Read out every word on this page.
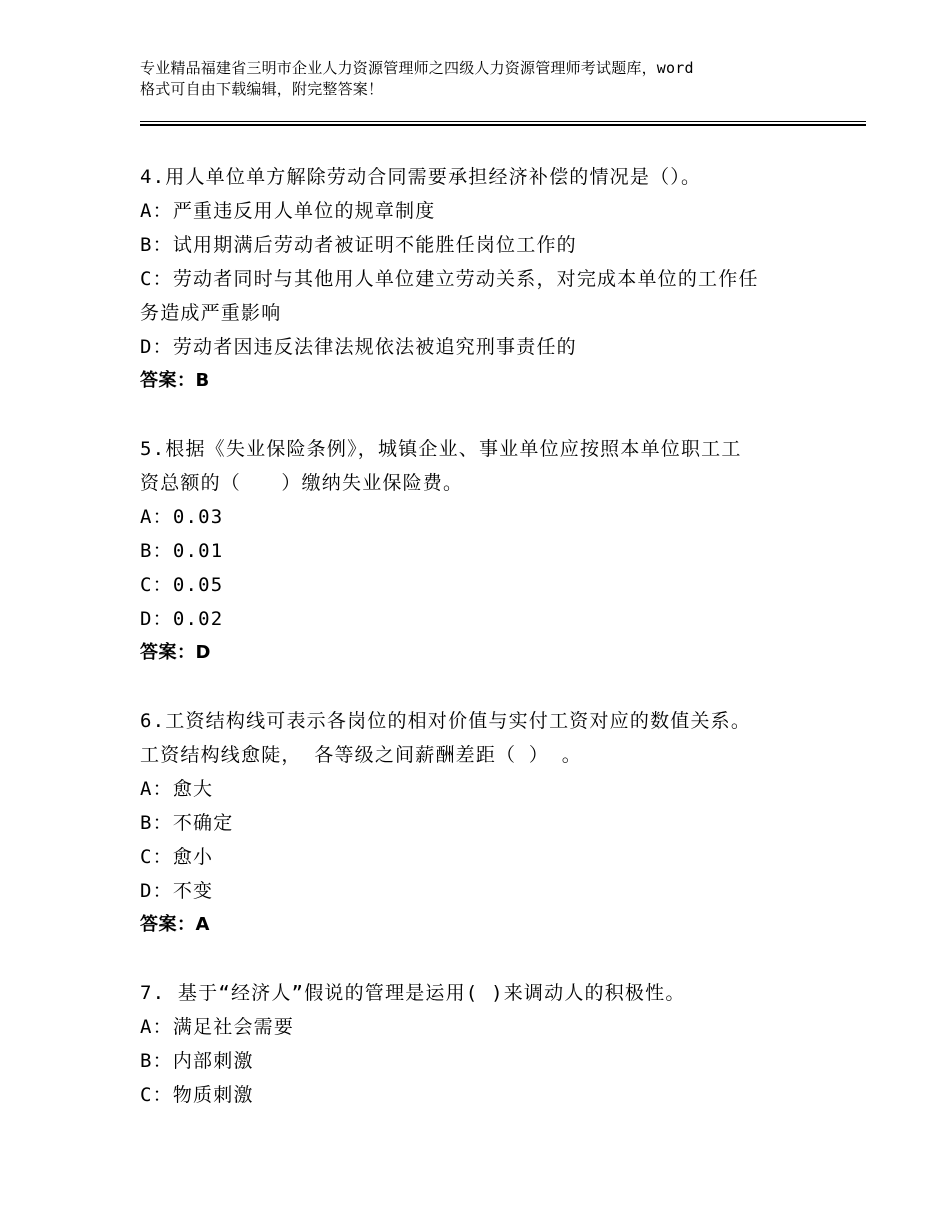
专业精品福建省三明市企业人力资源管理师之四级人力资源管理师考试题库，word
格式可自由下载编辑，附完整答案！
4.用人单位单方解除劳动合同需要承担经济补偿的情况是（）。
A：严重违反用人单位的规章制度
B：试用期满后劳动者被证明不能胜任岗位工作的
C：劳动者同时与其他用人单位建立劳动关系，对完成本单位的工作任
务造成严重影响
D：劳动者因违反法律法规依法被追究刑事责任的
答案：B
5.根据《失业保险条例》，城镇企业、事业单位应按照本单位职工工
资总额的（　　）缴纳失业保险费。
A：0.03
B：0.01
C：0.05
D：0.02
答案：D
6.工资结构线可表示各岗位的相对价值与实付工资对应的数值关系。
工资结构线愈陡， 各等级之间薪酬差距（ ） 。
A：愈大
B：不确定
C：愈小
D：不变
答案：A
7. 基于“经济人”假说的管理是运用( )来调动人的积极性。
A：满足社会需要
B：内部刺激
C：物质刺激
